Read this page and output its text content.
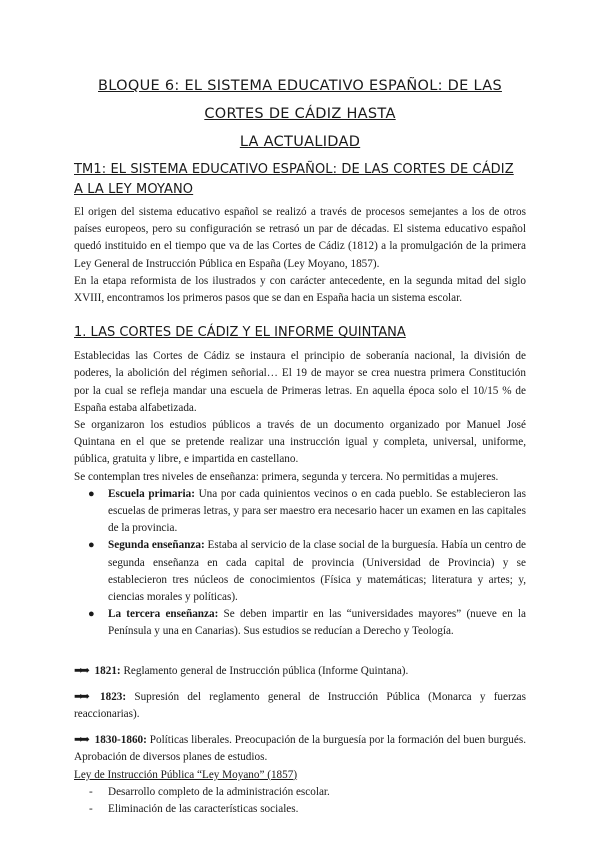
BLOQUE 6: EL SISTEMA EDUCATIVO ESPAÑOL: DE LAS CORTES DE CÁDIZ HASTA
LA ACTUALIDAD
TM1: EL SISTEMA EDUCATIVO ESPAÑOL: DE LAS CORTES DE CÁDIZ A LA LEY MOYANO

El origen del sistema educativo español se realizó a través de procesos semejantes a los de otros países europeos, pero su configuración se retrasó un par de décadas. El sistema educativo español quedó instituido en el tiempo que va de las Cortes de Cádiz (1812) a la promulgación de la primera Ley General de Instrucción Pública en España (Ley Moyano, 1857).

En la etapa reformista de los ilustrados y con carácter antecedente, en la segunda mitad del siglo XVIII, encontramos los primeros pasos que se dan en España hacia un sistema escolar.

1. LAS CORTES DE CÁDIZ Y EL INFORME QUINTANA

Establecidas las Cortes de Cádiz se instaura el principio de soberanía nacional, la división de poderes, la abolición del régimen señorial… El 19 de mayor se crea nuestra primera Constitución por la cual se refleja mandar una escuela de Primeras letras. En aquella época solo el 10/15 % de España estaba alfabetizada.

Se organizaron los estudios públicos a través de un documento organizado por Manuel José Quintana en el que se pretende realizar una instrucción igual y completa, universal, uniforme, pública, gratuita y libre, e impartida en castellano.

Se contemplan tres niveles de enseñanza: primera, segunda y tercera. No permitidas a mujeres.

● Escuela primaria: Una por cada quinientos vecinos o en cada pueblo. Se establecieron las escuelas de primeras letras, y para ser maestro era necesario hacer un examen en las capitales de la provincia.
● Segunda enseñanza: Estaba al servicio de la clase social de la burguesía. Había un centro de segunda enseñanza en cada capital de provincia (Universidad de Provincia) y se establecieron tres núcleos de conocimientos (Física y matemáticas; literatura y artes; y, ciencias morales y políticas).
● La tercera enseñanza: Se deben impartir en las “universidades mayores” (nueve en la Península y una en Canarias). Sus estudios se reducían a Derecho y Teología.
➡➡ 1821: Reglamento general de Instrucción pública (Informe Quintana).
➡➡ 1823: Supresión del reglamento general de Instrucción Pública (Monarca y fuerzas reaccionarias).
➡➡ 1830-1860: Políticas liberales. Preocupación de la burguesía por la formación del buen burgués. Aprobación de diversos planes de estudios.
Ley de Instrucción Pública “Ley Moyano” (1857)
- Desarrollo completo de la administración escolar.
- Eliminación de las características sociales.
